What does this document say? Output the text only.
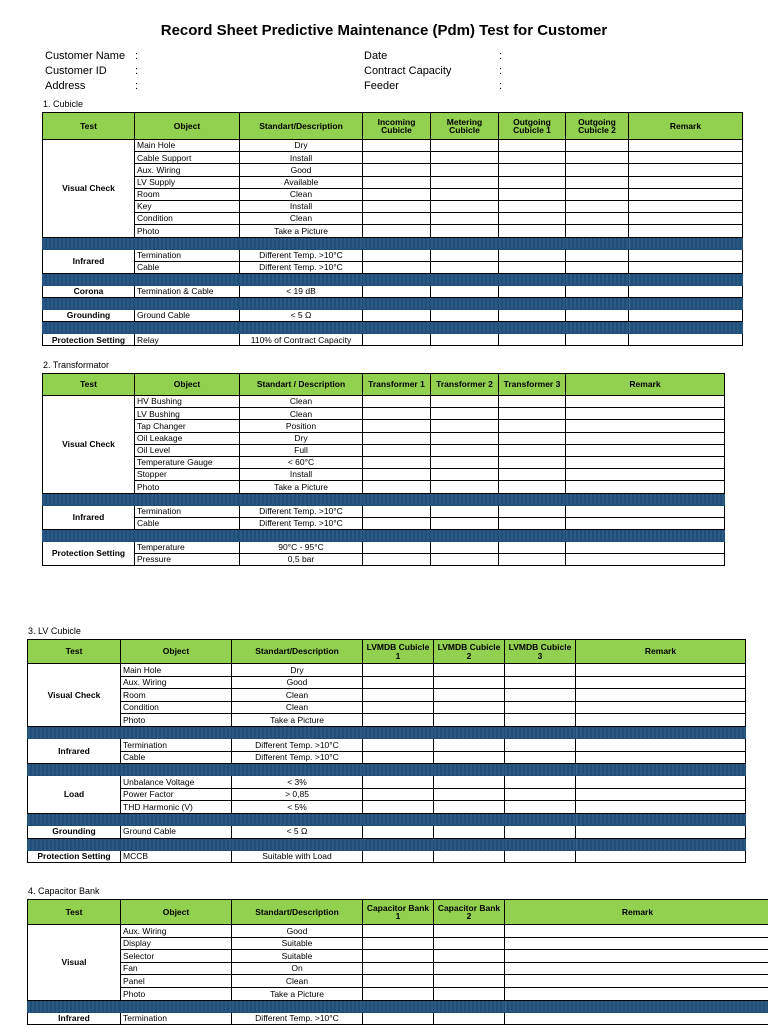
Record Sheet Predictive Maintenance (Pdm) Test for Customer
Customer Name :
Customer ID	:
Address	:
Date	:
Contract Capacity	:
Feeder	:
1. Cubicle
Test	Object	Standart/Description	Incoming Cubicle	Metering Cubicle	Outgoing Cubicle 1	Outgoing Cubicle 2	Remark
Visual Check	Main Hole	Dry					
	Cable Support	Install					
	Aux. Wiring	Good					
	LV Supply	Available					
	Room	Clean					
	Key	Install					
	Condition	Clean					
	Photo	Take a Picture					

Infrared	Termination	Different Temp. >10°C					
	Cable	Different Temp. >10°C					

Corona	Termination & Cable	< 19 dB					

Grounding	Ground Cable	< 5 Ω					

Protection Setting	Relay	110% of Contract Capacity					
2. Transformator
Test	Object	Standart / Description	Transformer 1	Transformer 2	Transformer 3	Remark
Visual Check	HV Bushing	Clean				
	LV Bushing	Clean				
	Tap Changer	Position				
	Oil Leakage	Dry				
	Oil Level	Full				
	Temperature Gauge	< 60°C				
	Stopper	Install				
	Photo	Take a Picture				

Infrared	Termination	Different Temp. >10°C				
	Cable	Different Temp. >10°C				

Protection Setting	Temperature	90°C - 95°C				
	Pressure	0,5 bar				
3. LV Cubicle
Test	Object	Standart/Description	LVMDB Cubicle 1	LVMDB Cubicle 2	LVMDB Cubicle 3	Remark
Visual Check	Main Hole	Dry				
	Aux. Wiring	Good				
	Room	Clean				
	Condition	Clean				
	Photo	Take a Picture				

Infrared	Termination	Different Temp. >10°C				
	Cable	Different Temp. >10°C				

Load	Unbalance Voltage	< 3%				
	Power Factor	> 0,85				
	THD Harmonic (V)	< 5%				

Grounding	Ground Cable	< 5 Ω				

Protection Setting	MCCB	Suitable with Load				
4. Capacitor Bank
Test	Object	Standart/Description	Capacitor Bank 1	Capacitor Bank 2	Remark
Visual	Aux. Wiring	Good			
	Display	Suitable			
	Selector	Suitable			
	Fan	On			
	Panel	Clean			
	Photo	Take a Picture			

Infrared	Termination	Different Temp. >10°C			
